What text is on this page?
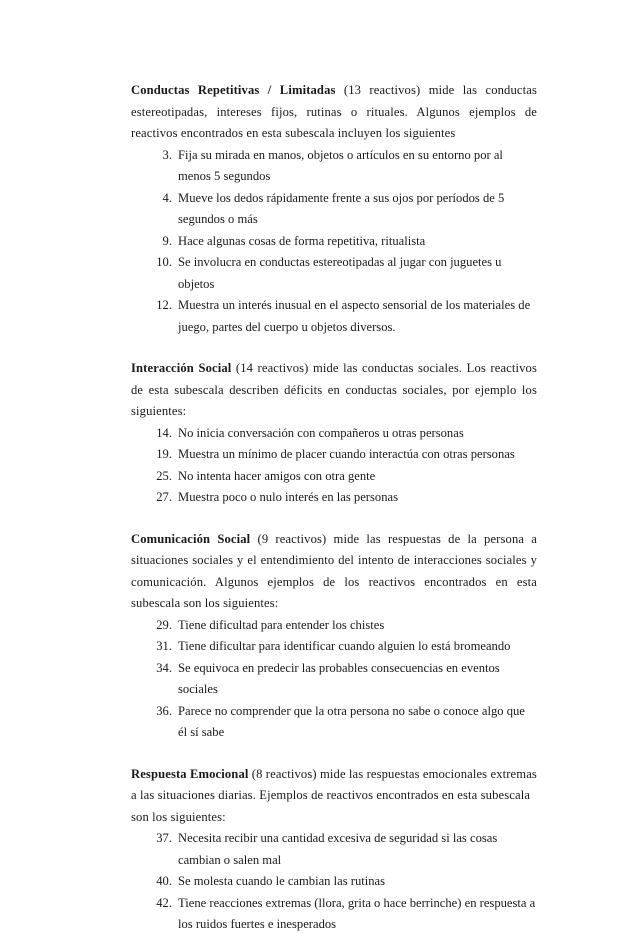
Conductas Repetitivas / Limitadas (13 reactivos) mide las conductas estereotipadas, intereses fijos, rutinas o rituales. Algunos ejemplos de reactivos encontrados en esta subescala incluyen los siguientes

3. Fija su mirada en manos, objetos o artículos en su entorno por al menos 5 segundos
4. Mueve los dedos rápidamente frente a sus ojos por períodos de 5 segundos o más
9. Hace algunas cosas de forma repetitiva, ritualista
10. Se involucra en conductas estereotipadas al jugar con juguetes u objetos
12. Muestra un interés inusual en el aspecto sensorial de los materiales de juego, partes del cuerpo u objetos diversos.

Interacción Social (14 reactivos) mide las conductas sociales. Los reactivos de esta subescala describen déficits en conductas sociales, por ejemplo los siguientes:

14. No inicia conversación con compañeros u otras personas
19. Muestra un mínimo de placer cuando interactúa con otras personas
25. No intenta hacer amigos con otra gente
27. Muestra poco o nulo interés en las personas

Comunicación Social (9 reactivos) mide las respuestas de la persona a situaciones sociales y el entendimiento del intento de interacciones sociales y comunicación. Algunos ejemplos de los reactivos encontrados en esta subescala son los siguientes:

29. Tiene dificultad para entender los chistes
31. Tiene dificultar para identificar cuando alguien lo está bromeando
34. Se equivoca en predecir las probables consecuencias en eventos sociales
36. Parece no comprender que la otra persona no sabe o conoce algo que él sí sabe

Respuesta Emocional (8 reactivos) mide las respuestas emocionales extremas a las situaciones diarias. Ejemplos de reactivos encontrados en esta subescala son los siguientes:

37. Necesita recibir una cantidad excesiva de seguridad si las cosas cambian o salen mal
40. Se molesta cuando le cambian las rutinas
42. Tiene reacciones extremas (llora, grita o hace berrinche) en respuesta a los ruidos fuertes e inesperados
